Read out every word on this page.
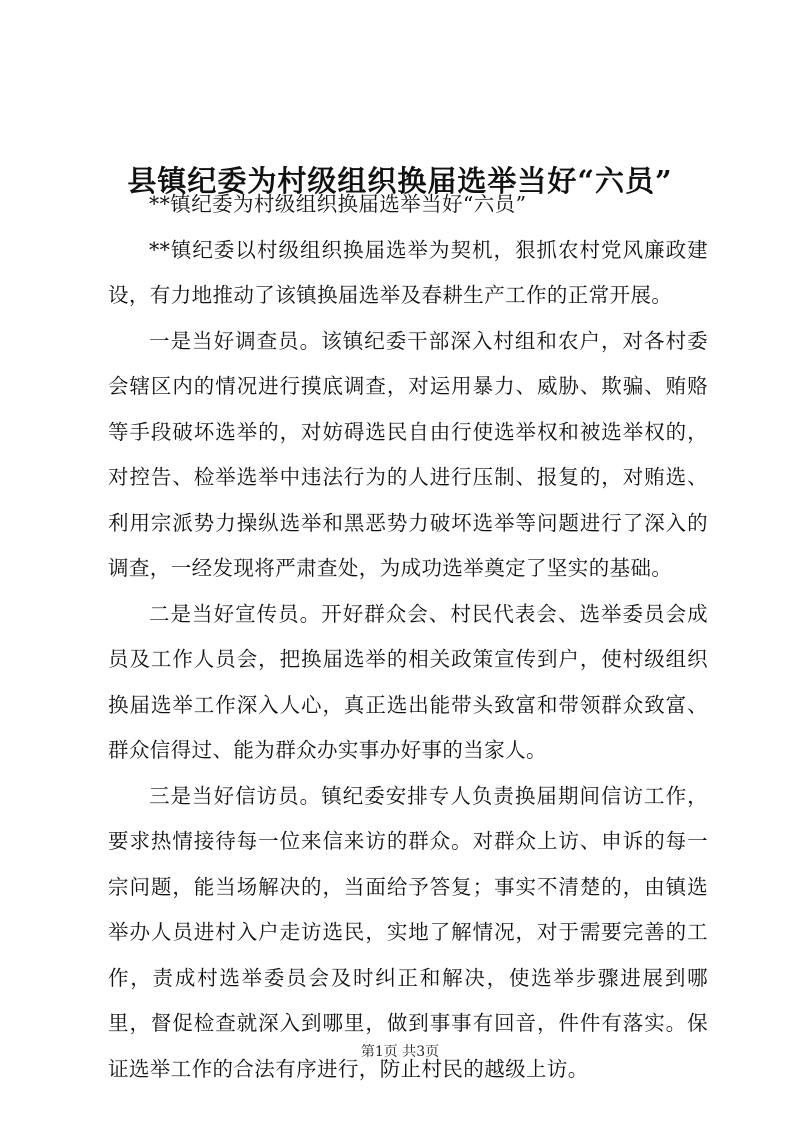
县镇纪委为村级组织换届选举当好“六员”

**镇纪委为村级组织换届选举当好“六员”

**镇纪委以村级组织换届选举为契机，狠抓农村党风廉政建设，有力地推动了该镇换届选举及春耕生产工作的正常开展。

一是当好调查员。该镇纪委干部深入村组和农户，对各村委会辖区内的情况进行摸底调查，对运用暴力、威胁、欺骗、贿赂等手段破坏选举的，对妨碍选民自由行使选举权和被选举权的，对控告、检举选举中违法行为的人进行压制、报复的，对贿选、利用宗派势力操纵选举和黑恶势力破坏选举等问题进行了深入的调查，一经发现将严肃查处，为成功选举奠定了坚实的基础。

二是当好宣传员。开好群众会、村民代表会、选举委员会成员及工作人员会，把换届选举的相关政策宣传到户，使村级组织换届选举工作深入人心，真正选出能带头致富和带领群众致富、群众信得过、能为群众办实事办好事的当家人。

三是当好信访员。镇纪委安排专人负责换届期间信访工作，要求热情接待每一位来信来访的群众。对群众上访、申诉的每一宗问题，能当场解决的，当面给予答复；事实不清楚的，由镇选举办人员进村入户走访选民，实地了解情况，对于需要完善的工作，责成村选举委员会及时纠正和解决，使选举步骤进展到哪里，督促检查就深入到哪里，做到事事有回音，件件有落实。保证选举工作的合法有序进行，防止村民的越级上访。

第1页 共3页
